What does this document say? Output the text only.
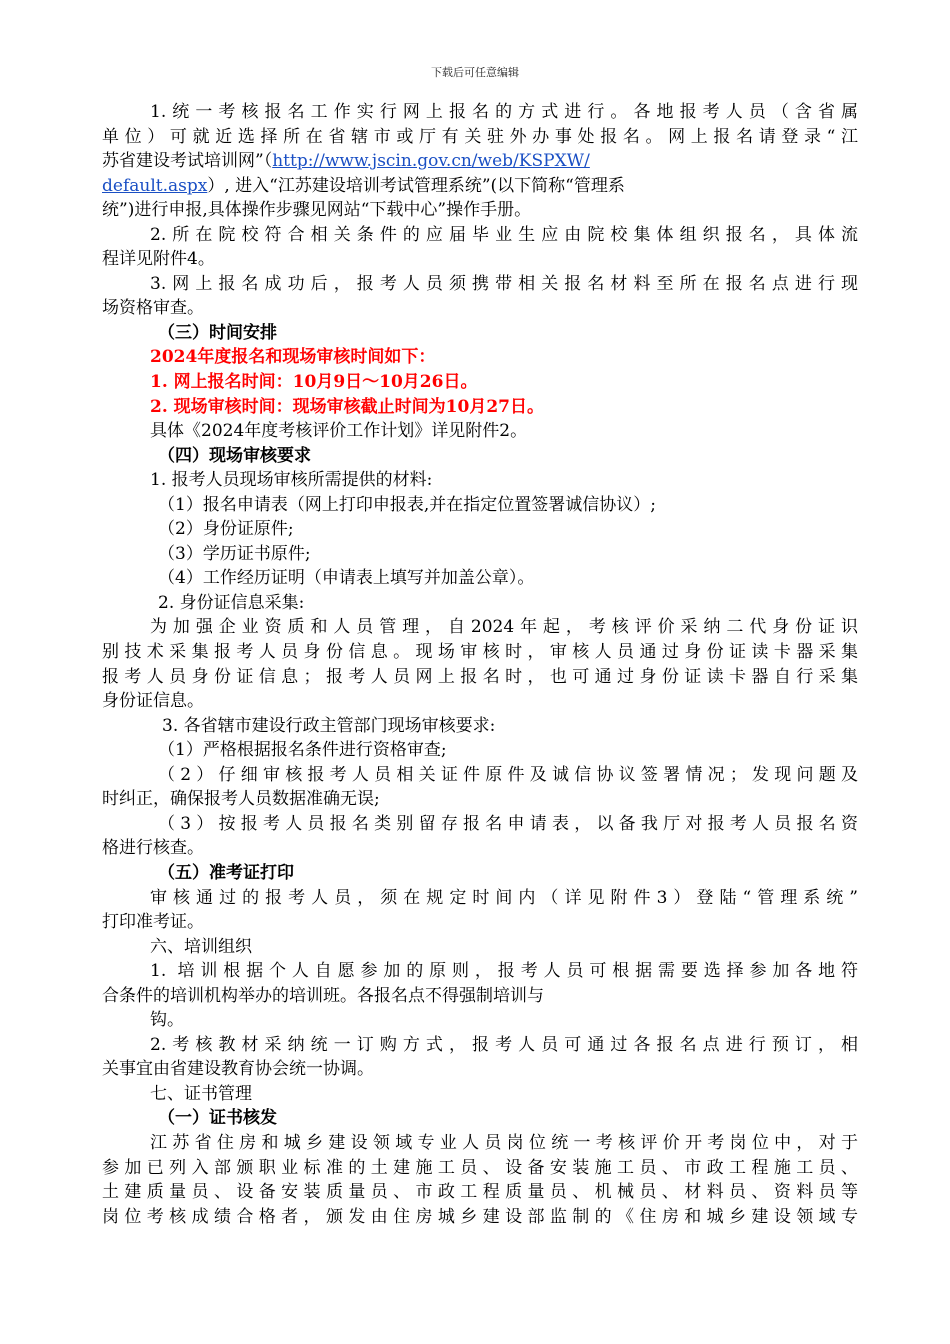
下载后可任意编辑
1.统一考核报名工作实行网上报名的方式进行。各地报考人员（含省属
单位）可就近选择所在省辖市或厅有关驻外办事处报名。网上报名请登录“江
苏省建设考试培训网”（http://www.jscin.gov.cn/web/KSPXW/
default.aspx）, 进入“江苏建设培训考试管理系统”(以下简称“管理系
统”)进行申报,具体操作步骤见网站“下载中心”操作手册。
2.所在院校符合相关条件的应届毕业生应由院校集体组织报名，具体流
程详见附件4。
3.网上报名成功后，报考人员须携带相关报名材料至所在报名点进行现
场资格审查。
（三）时间安排
2024年度报名和现场审核时间如下：
1. 网上报名时间：10月9日～10月26日。
2. 现场审核时间：现场审核截止时间为10月27日。
具体《2024年度考核评价工作计划》详见附件2。
（四）现场审核要求
1. 报考人员现场审核所需提供的材料:
（1）报名申请表（网上打印申报表,并在指定位置签署诚信协议）;
（2）身份证原件;
（3）学历证书原件;
（4）工作经历证明（申请表上填写并加盖公章）。
2. 身份证信息采集:
为加强企业资质和人员管理，自2024年起，考核评价采纳二代身份证识
别技术采集报考人员身份信息。现场审核时，审核人员通过身份证读卡器采集
报考人员身份证信息；报考人员网上报名时，也可通过身份证读卡器自行采集
身份证信息。
3. 各省辖市建设行政主管部门现场审核要求:
（1）严格根据报名条件进行资格审查;
（2）仔细审核报考人员相关证件原件及诚信协议签署情况；发现问题及
时纠正，确保报考人员数据准确无误;
（3）按报考人员报名类别留存报名申请表，以备我厅对报考人员报名资
格进行核查。
（五）准考证打印
审核通过的报考人员，须在规定时间内（详见附件3）登陆“管理系统”
打印准考证。
六、培训组织
1. 培训根据个人自愿参加的原则，报考人员可根据需要选择参加各地符
合条件的培训机构举办的培训班。各报名点不得强制培训与
钩。
2.考核教材采纳统一订购方式，报考人员可通过各报名点进行预订，相
关事宜由省建设教育协会统一协调。
七、证书管理
（一）证书核发
江苏省住房和城乡建设领域专业人员岗位统一考核评价开考岗位中，对于
参加已列入部颁职业标准的土建施工员、设备安装施工员、市政工程施工员、
土建质量员、设备安装质量员、市政工程质量员、机械员、材料员、资料员等
岗位考核成绩合格者，颁发由住房城乡建设部监制的《住房和城乡建设领域专
